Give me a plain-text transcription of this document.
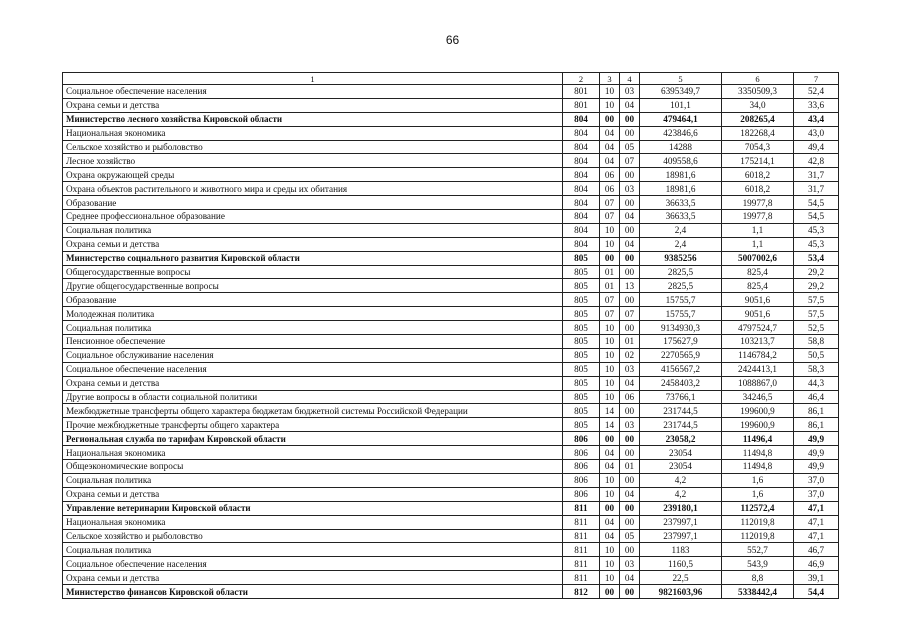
66
1	2	3	4	5	6	7
Социальное обеспечение населения	801	10	03	6395349,7	3350509,3	52,4
Охрана семьи и детства	801	10	04	101,1	34,0	33,6
Министерство лесного хозяйства Кировской области	804	00	00	479464,1	208265,4	43,4
Национальная экономика	804	04	00	423846,6	182268,4	43,0
Сельское хозяйство и рыболовство	804	04	05	14288	7054,3	49,4
Лесное хозяйство	804	04	07	409558,6	175214,1	42,8
Охрана окружающей среды	804	06	00	18981,6	6018,2	31,7
Охрана объектов растительного и животного мира и среды их обитания	804	06	03	18981,6	6018,2	31,7
Образование	804	07	00	36633,5	19977,8	54,5
Среднее профессиональное образование	804	07	04	36633,5	19977,8	54,5
Социальная политика	804	10	00	2,4	1,1	45,3
Охрана семьи и детства	804	10	04	2,4	1,1	45,3
Министерство социального развития Кировской области	805	00	00	9385256	5007002,6	53,4
Общегосударственные вопросы	805	01	00	2825,5	825,4	29,2
Другие общегосударственные вопросы	805	01	13	2825,5	825,4	29,2
Образование	805	07	00	15755,7	9051,6	57,5
Молодежная политика	805	07	07	15755,7	9051,6	57,5
Социальная политика	805	10	00	9134930,3	4797524,7	52,5
Пенсионное обеспечение	805	10	01	175627,9	103213,7	58,8
Социальное обслуживание населения	805	10	02	2270565,9	1146784,2	50,5
Социальное обеспечение населения	805	10	03	4156567,2	2424413,1	58,3
Охрана семьи и детства	805	10	04	2458403,2	1088867,0	44,3
Другие вопросы в области социальной политики	805	10	06	73766,1	34246,5	46,4
Межбюджетные трансферты общего характера бюджетам бюджетной системы Российской Федерации	805	14	00	231744,5	199600,9	86,1
Прочие межбюджетные трансферты общего характера	805	14	03	231744,5	199600,9	86,1
Региональная служба по тарифам Кировской области	806	00	00	23058,2	11496,4	49,9
Национальная экономика	806	04	00	23054	11494,8	49,9
Общеэкономические вопросы	806	04	01	23054	11494,8	49,9
Социальная политика	806	10	00	4,2	1,6	37,0
Охрана семьи и детства	806	10	04	4,2	1,6	37,0
Управление ветеринарии Кировской области	811	00	00	239180,1	112572,4	47,1
Национальная экономика	811	04	00	237997,1	112019,8	47,1
Сельское хозяйство и рыболовство	811	04	05	237997,1	112019,8	47,1
Социальная политика	811	10	00	1183	552,7	46,7
Социальное обеспечение населения	811	10	03	1160,5	543,9	46,9
Охрана семьи и детства	811	10	04	22,5	8,8	39,1
Министерство финансов Кировской области	812	00	00	9821603,96	5338442,4	54,4
